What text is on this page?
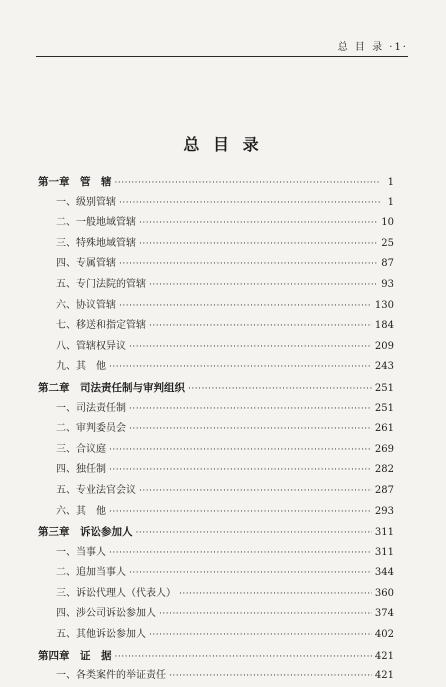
总 目 录 ·1·
总 目 录
第一章　管　辖 ·····	1
一、级别管辖 ·····	1
二、一般地域管辖 ·····	10
三、特殊地域管辖 ·····	25
四、专属管辖 ·····	87
五、专门法院的管辖 ·····	93
六、协议管辖 ·····	130
七、移送和指定管辖 ·····	184
八、管辖权异议 ·····	209
九、其　他 ·····	243
第二章　司法责任制与审判组织 ·····	251
一、司法责任制 ·····	251
二、审判委员会 ·····	261
三、合议庭 ·····	269
四、独任制 ·····	282
五、专业法官会议 ·····	287
六、其　他 ·····	293
第三章　诉讼参加人 ·····	311
一、当事人 ·····	311
二、追加当事人 ·····	344
三、诉讼代理人（代表人） ·····	360
四、涉公司诉讼参加人 ·····	374
五、其他诉讼参加人 ·····	402
第四章　证　据 ·····	421
一、各类案件的举证责任 ·····	421
